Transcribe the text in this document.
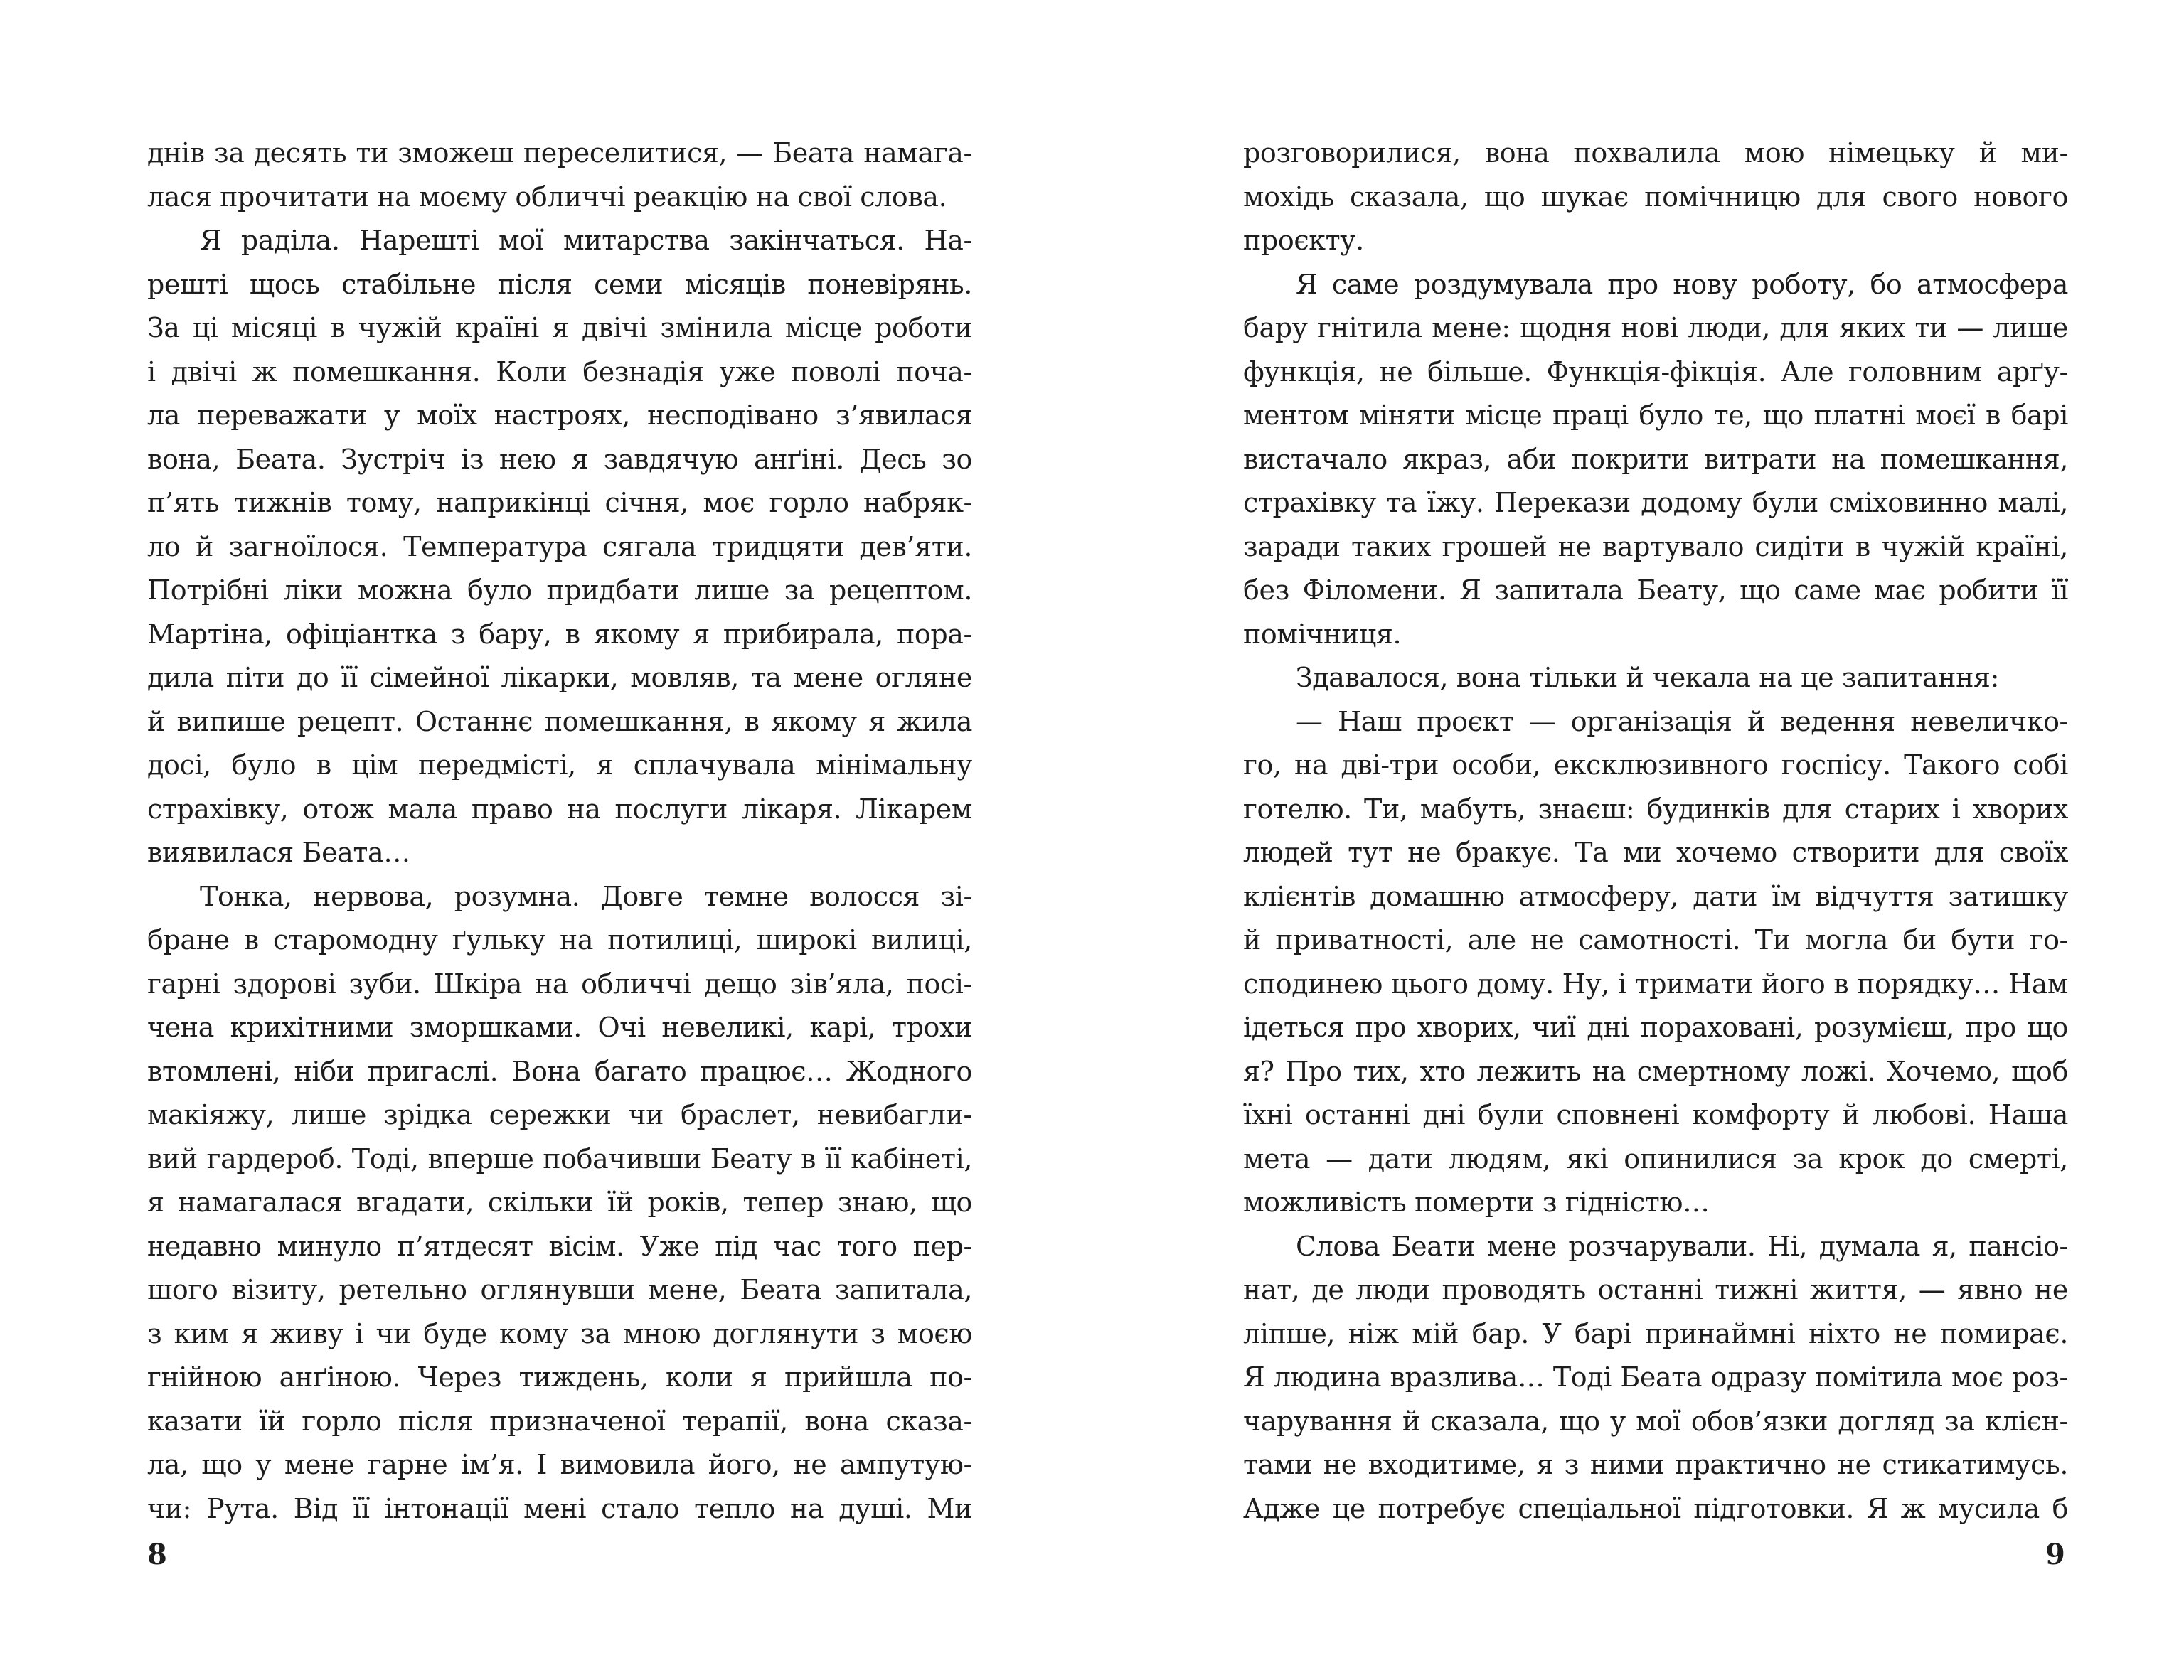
днів за десять ти зможеш переселитися, — Беата намага-
лася прочитати на моєму обличчі реакцію на свої слова.
Я раділа. Нарешті мої митарства закінчаться. На-
решті щось стабільне після семи місяців поневірянь.
За ці місяці в чужій країні я двічі змінила місце роботи
і двічі ж помешкання. Коли безнадія уже поволі поча-
ла переважати у моїх настроях, несподівано з’явилася
вона, Беата. Зустріч із нею я завдячую анґіні. Десь зо
п’ять тижнів тому, наприкінці січня, моє горло набряк-
ло й загноїлося. Температура сягала тридцяти дев’яти.
Потрібні ліки можна було придбати лише за рецептом.
Мартіна, офіціантка з бару, в якому я прибирала, пора-
дила піти до її сімейної лікарки, мовляв, та мене огляне
й випише рецепт. Останнє помешкання, в якому я жила
досі, було в цім передмісті, я сплачувала мінімальну
страхівку, отож мала право на послуги лікаря. Лікарем
виявилася Беата…
Тонка, нервова, розумна. Довге темне волосся зі-
бране в старомодну ґульку на потилиці, широкі вилиці,
гарні здорові зуби. Шкіра на обличчі дещо зів’яла, посі-
чена крихітними зморшками. Очі невеликі, карі, трохи
втомлені, ніби пригаслі. Вона багато працює… Жодного
макіяжу, лише зрідка сережки чи браслет, невибагли-
вий гардероб. Тоді, вперше побачивши Беату в її кабінеті,
я намагалася вгадати, скільки їй років, тепер знаю, що
недавно минуло п’ятдесят вісім. Уже під час того пер-
шого візиту, ретельно оглянувши мене, Беата запитала,
з ким я живу і чи буде кому за мною доглянути з моєю
гнійною анґіною. Через тиждень, коли я прийшла по-
казати їй горло після призначеної терапії, вона сказа-
ла, що у мене гарне ім’я. І вимовила його, не ампутую-
чи: Рута. Від її інтонації мені стало тепло на душі. Ми
розговорилися, вона похвалила мою німецьку й ми-
мохідь сказала, що шукає помічницю для свого нового
проєкту.
Я саме роздумувала про нову роботу, бо атмосфера
бару гнітила мене: щодня нові люди, для яких ти — лише
функція, не більше. Функція-фікція. Але головним арґу-
ментом міняти місце праці було те, що платні моєї в барі
вистачало якраз, аби покрити витрати на помешкання,
страхівку та їжу. Перекази додому були сміховинно малі,
заради таких грошей не вартувало сидіти в чужій країні,
без Філомени. Я запитала Беату, що саме має робити її
помічниця.
Здавалося, вона тільки й чекала на це запитання:
— Наш проєкт — організація й ведення невеличко-
го, на дві-три особи, ексклюзивного госпісу. Такого собі
готелю. Ти, мабуть, знаєш: будинків для старих і хворих
людей тут не бракує. Та ми хочемо створити для своїх
клієнтів домашню атмосферу, дати їм відчуття затишку
й приватності, але не самотності. Ти могла би бути го-
сподинею цього дому. Ну, і тримати його в порядку… Нам
ідеться про хворих, чиї дні пораховані, розумієш, про що
я? Про тих, хто лежить на смертному ложі. Хочемо, щоб
їхні останні дні були сповнені комфорту й любові. Наша
мета — дати людям, які опинилися за крок до смерті,
можливість померти з гідністю…
Слова Беати мене розчарували. Ні, думала я, пансіо-
нат, де люди проводять останні тижні життя, — явно не
ліпше, ніж мій бар. У барі принаймні ніхто не помирає.
Я людина вразлива… Тоді Беата одразу помітила моє роз-
чарування й сказала, що у мої обов’язки догляд за клієн-
тами не входитиме, я з ними практично не стикатимусь.
Адже це потребує спеціальної підготовки. Я ж мусила б
8	9
